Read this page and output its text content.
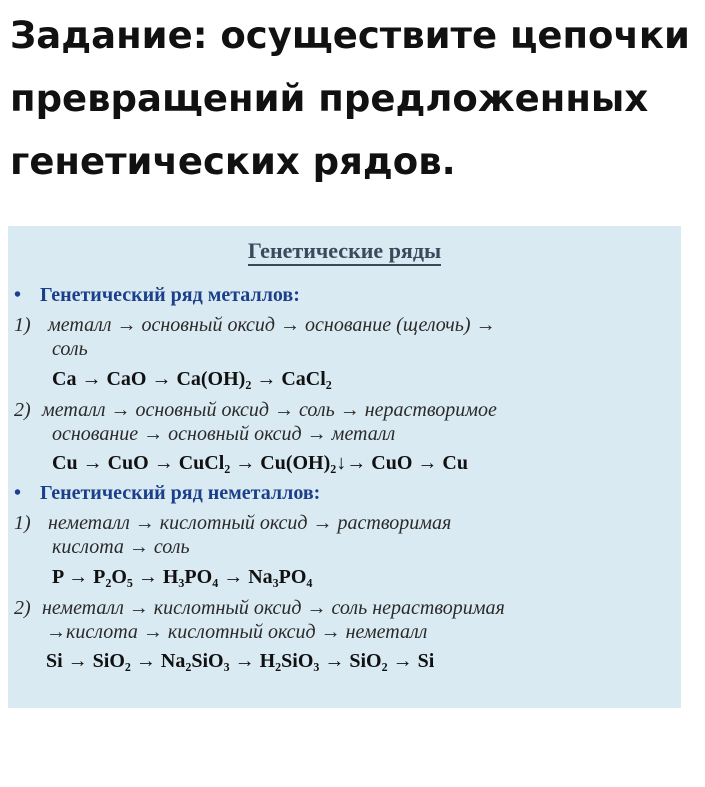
Задание: осуществите цепочки превращений предложенных генетических рядов.
Генетические ряды
• Генетический ряд металлов:
1) металл → основный оксид → основание (щелочь) →
соль
Ca → CaO → Ca(OH)₂ → CaCl₂
2) металл → основный оксид → соль → нерастворимое
основание → основный оксид → металл
Cu → CuO → CuCl₂ → Cu(OH)₂↓→ CuO → Cu
• Генетический ряд неметаллов:
1) неметалл → кислотный оксид → растворимая
кислота → соль
P → P₂O₅ → H₃PO₄ → Na₃PO₄
2) неметалл → кислотный оксид → соль нерастворимая
→кислота → кислотный оксид → неметалл
Si → SiO₂ → Na₂SiO₃ → H₂SiO₃ → SiO₂ → Si
